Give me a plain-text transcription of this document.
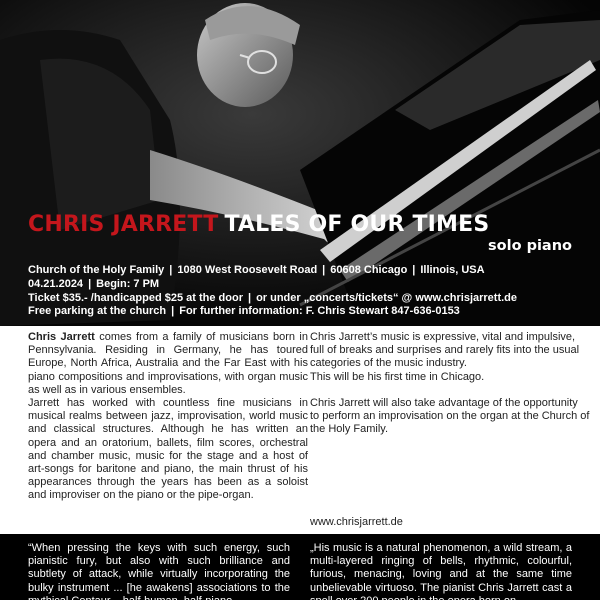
CHRIS JARRETT TALES OF OUR TIMES
solo piano
Church of the Holy Family | 1080 West Roosevelt Road | 60608 Chicago | Illinois, USA
04.21.2024 | Begin: 7 PM
Ticket $35.- /handicapped $25 at the door | or under „concerts/tickets“ @ www.chrisjarrett.de
Free parking at the church | For further information: F. Chris Stewart 847-636-0153

Chris Jarrett comes from a family of musicians born in Pennsylvania. Residing in Germany, he has toured Europe, North Africa, Australia and the Far East with his piano compositions and improvisations, with organ music as well as in various ensembles.

Jarrett has worked with countless fine musicians in musical realms between jazz, improvisation, world music and classical structures. Although he has written an opera and an oratorium, ballets, film scores, orchestral and chamber music, music for the stage and a host of art-songs for baritone and piano, the main thrust of his appearances through the years has been as a soloist and improviser on the piano or the pipe-organ.

Chris Jarrett’s music is expressive, vital and impulsive, full of breaks and surprises and rarely fits into the usual categories of the music industry.

This will be his first time in Chicago.

Chris Jarrett will also take advantage of the opportunity to perform an improvisation on the organ at the Church of the Holy Family.

www.chrisjarrett.de

“When pressing the keys with such energy, such pianistic fury, but also with such brilliance and subtlety of attack, while virtually incorporating the bulky instrument ... [he awakens] associations to the mythical Centaur – half-human, half-piano.

„His music is a natural phenomenon, a wild stream, a multi-layered ringing of bells, rhythmic, colourful, furious, menacing, loving and at the same time unbelievable virtuoso. The pianist Chris Jarrett cast a spell over 200 people in the opera born on
